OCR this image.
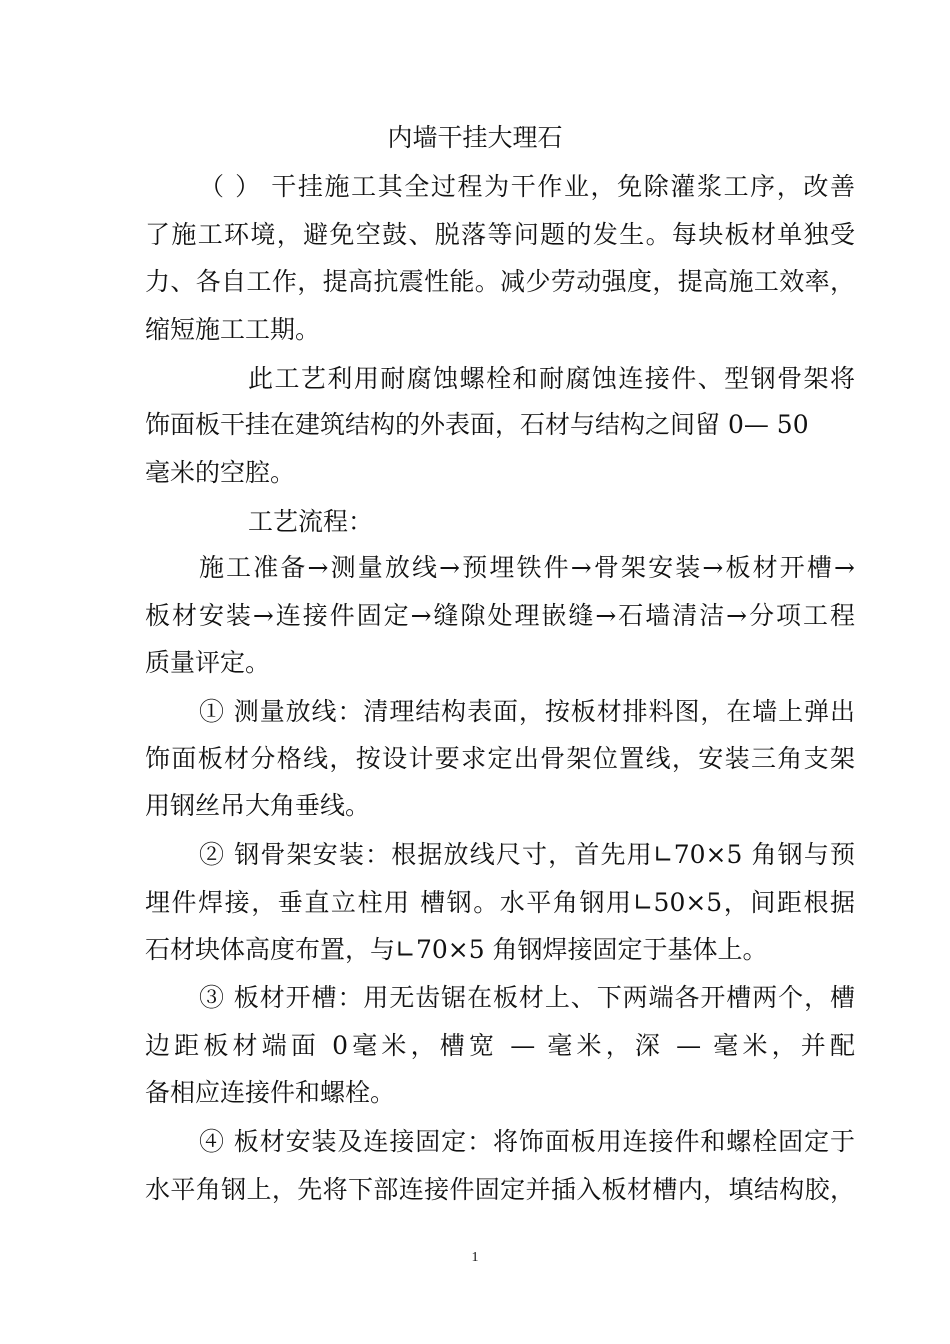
内墙干挂大理石

（ ） 干挂施工其全过程为干作业，免除灌浆工序，改善

了施工环境，避免空鼓、脱落等问题的发生。每块板材单独受

力、各自工作，提高抗震性能。减少劳动强度，提高施工效率，

缩短施工工期。

此工艺利用耐腐蚀螺栓和耐腐蚀连接件、型钢骨架将

饰面板干挂在建筑结构的外表面，石材与结构之间留 0— 50

毫米的空腔。

工艺流程：

施工准备→测量放线→预埋铁件→骨架安装→板材开槽→

板材安装→连接件固定→缝隙处理嵌缝→石墙清洁→分项工程

质量评定。

① 测量放线：清理结构表面，按板材排料图，在墙上弹出

饰面板材分格线，按设计要求定出骨架位置线，安装三角支架

用钢丝吊大角垂线。

② 钢骨架安装：根据放线尺寸，首先用∟70×5 角钢与预

埋件焊接，垂直立柱用 槽钢。水平角钢用∟50×5，间距根据

石材块体高度布置，与∟70×5 角钢焊接固定于基体上。

③ 板材开槽：用无齿锯在板材上、下两端各开槽两个，槽

边距板材端面 0毫米，槽宽 — 毫米，深 — 毫米，并配

备相应连接件和螺栓。

④ 板材安装及连接固定：将饰面板用连接件和螺栓固定于

水平角钢上，先将下部连接件固定并插入板材槽内，填结构胶，

1
